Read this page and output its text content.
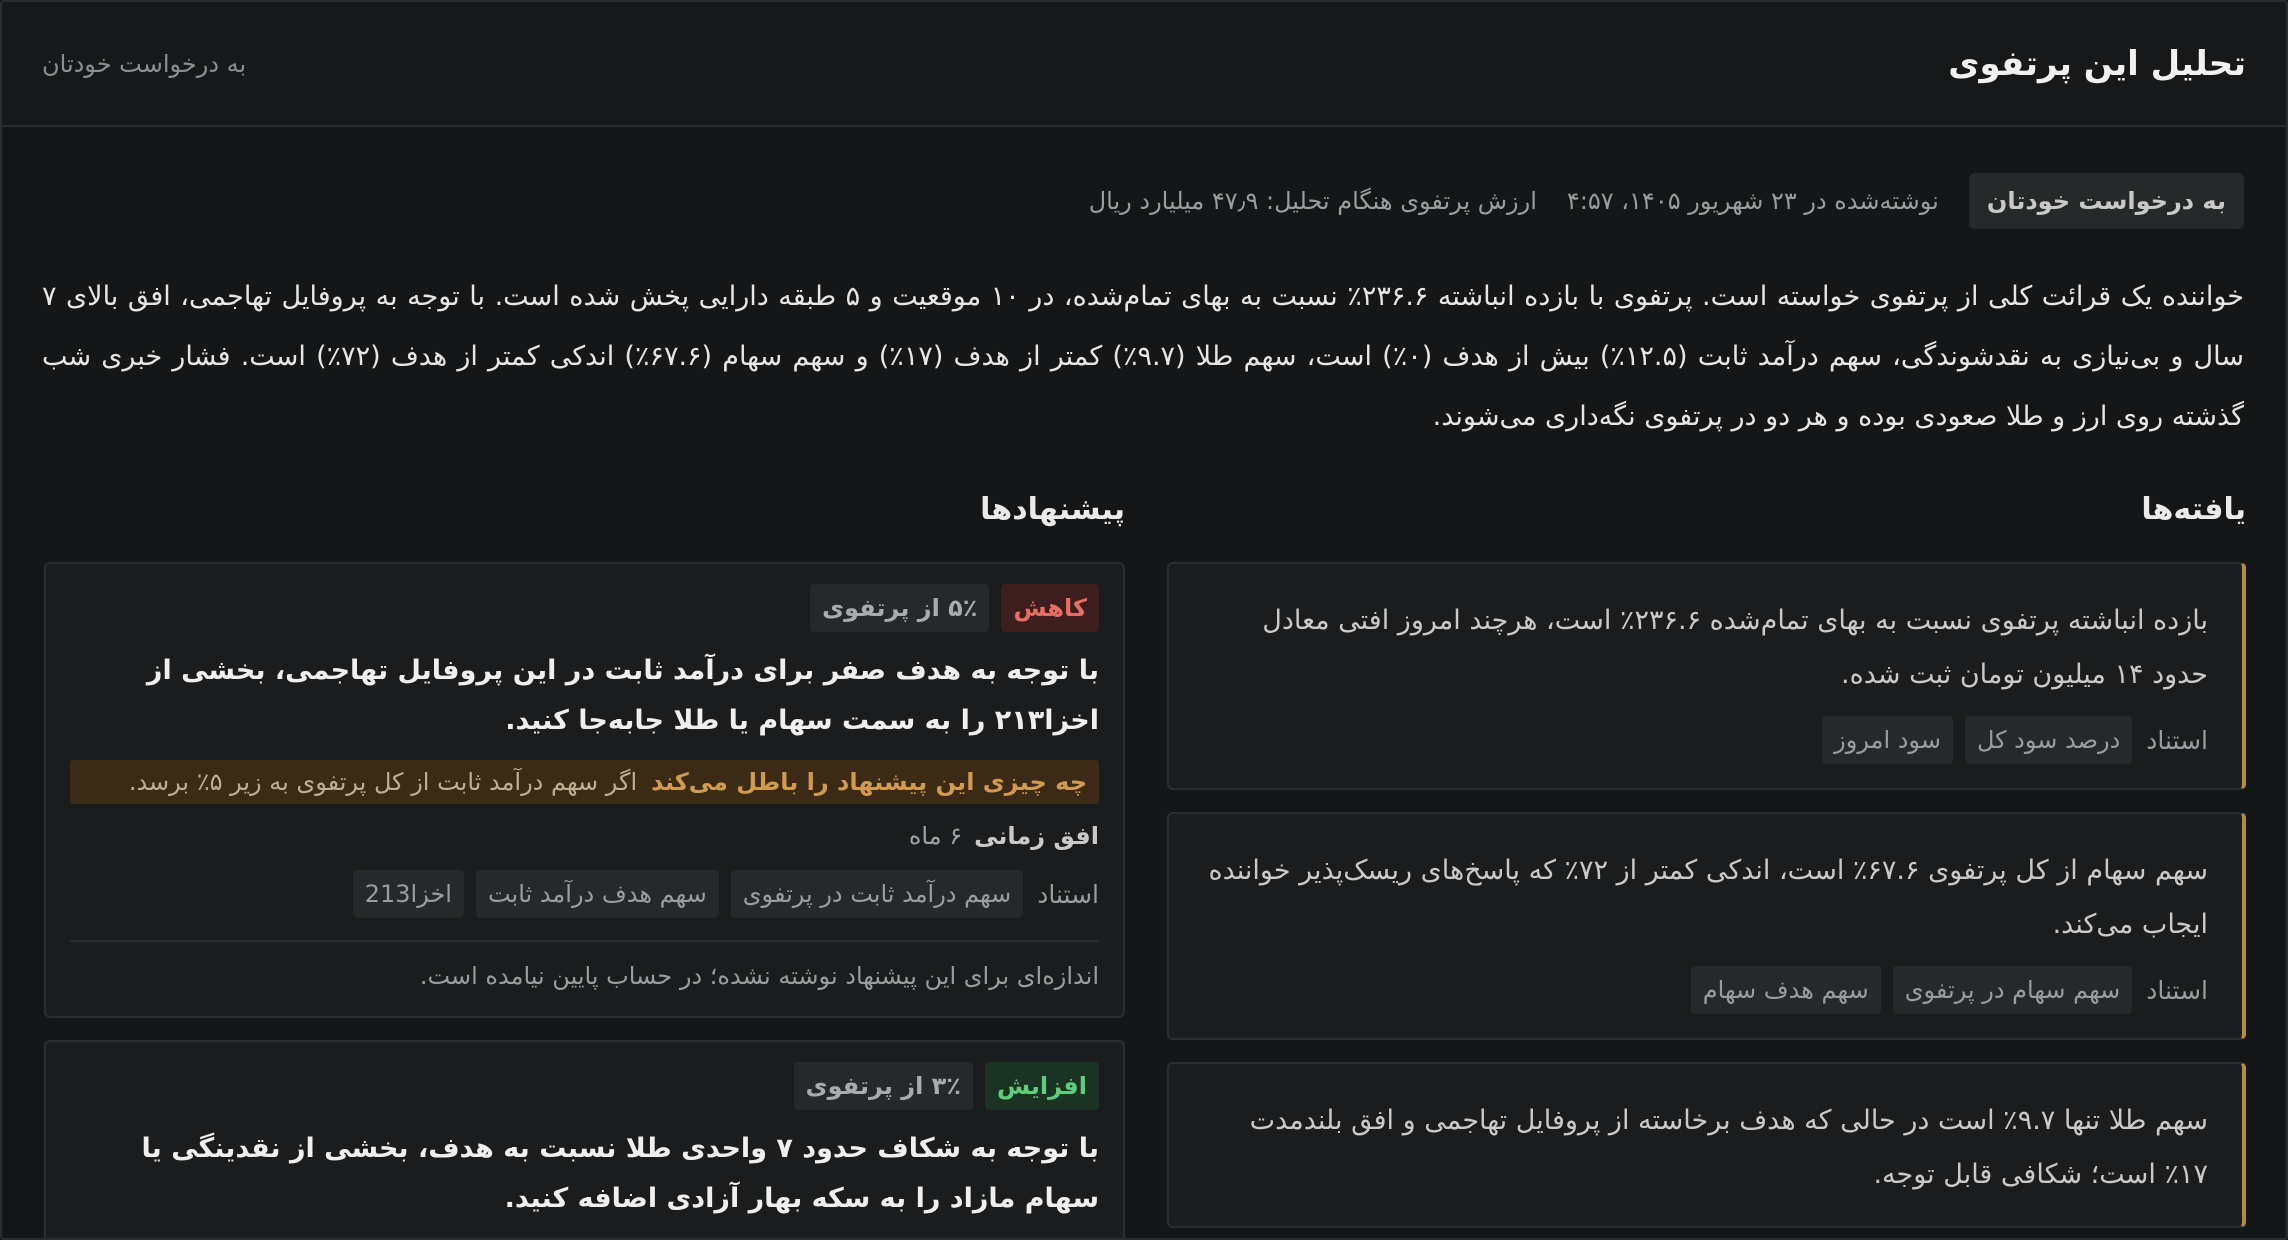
تحلیل این پرتفوی
به درخواست خودتان
به درخواست خودتان
نوشته‌شده در ۲۳ شهریور ۱۴۰۵، ۴:۵۷
ارزش پرتفوی هنگام تحلیل: ۴۷٫۹ میلیارد ریال
خواننده یک قرائت کلی از پرتفوی خواسته است. پرتفوی با بازده انباشته ۲۳۶.۶٪ نسبت به بهای تمام‌شده، در ۱۰ موقعیت و ۵ طبقه دارایی پخش شده است. با توجه به پروفایل تهاجمی، افق بالای ۷ سال و بی‌نیازی به نقدشوندگی، سهم درآمد ثابت (۱۲.۵٪) بیش از هدف (۰٪) است، سهم طلا (۹.۷٪) کمتر از هدف (۱۷٪) و سهم سهام (۶۷.۶٪) اندکی کمتر از هدف (۷۲٪) است. فشار خبری شب گذشته روی ارز و طلا صعودی بوده و هر دو در پرتفوی نگه‌داری می‌شوند.
یافته‌ها
بازده انباشته پرتفوی نسبت به بهای تمام‌شده ۲۳۶.۶٪ است، هرچند امروز افتی معادل حدود ۱۴ میلیون تومان ثبت شده.
استناد
درصد سود کل
سود امروز
سهم سهام از کل پرتفوی ۶۷.۶٪ است، اندکی کمتر از ۷۲٪ که پاسخ‌های ریسک‌پذیر خواننده ایجاب می‌کند.
استناد
سهم سهام در پرتفوی
سهم هدف سهام
سهم طلا تنها ۹.۷٪ است در حالی که هدف برخاسته از پروفایل تهاجمی و افق بلندمدت ۱۷٪ است؛ شکافی قابل توجه.
پیشنهادها
کاهش
۵٪ از پرتفوی
با توجه به هدف صفر برای درآمد ثابت در این پروفایل تهاجمی، بخشی از اخزا۲۱۳ را به سمت سهام یا طلا جابه‌جا کنید.
چه چیزی این پیشنهاد را باطل می‌کند
اگر سهم درآمد ثابت از کل پرتفوی به زیر ۵٪ برسد.
افق زمانی
۶ ماه
استناد
سهم درآمد ثابت در پرتفوی
سهم هدف درآمد ثابت
اخزا213
اندازه‌ای برای این پیشنهاد نوشته نشده؛ در حساب پایین نیامده است.
افزایش
۳٪ از پرتفوی
با توجه به شکاف حدود ۷ واحدی طلا نسبت به هدف، بخشی از نقدینگی یا سهام مازاد را به سکه بهار آزادی اضافه کنید.
